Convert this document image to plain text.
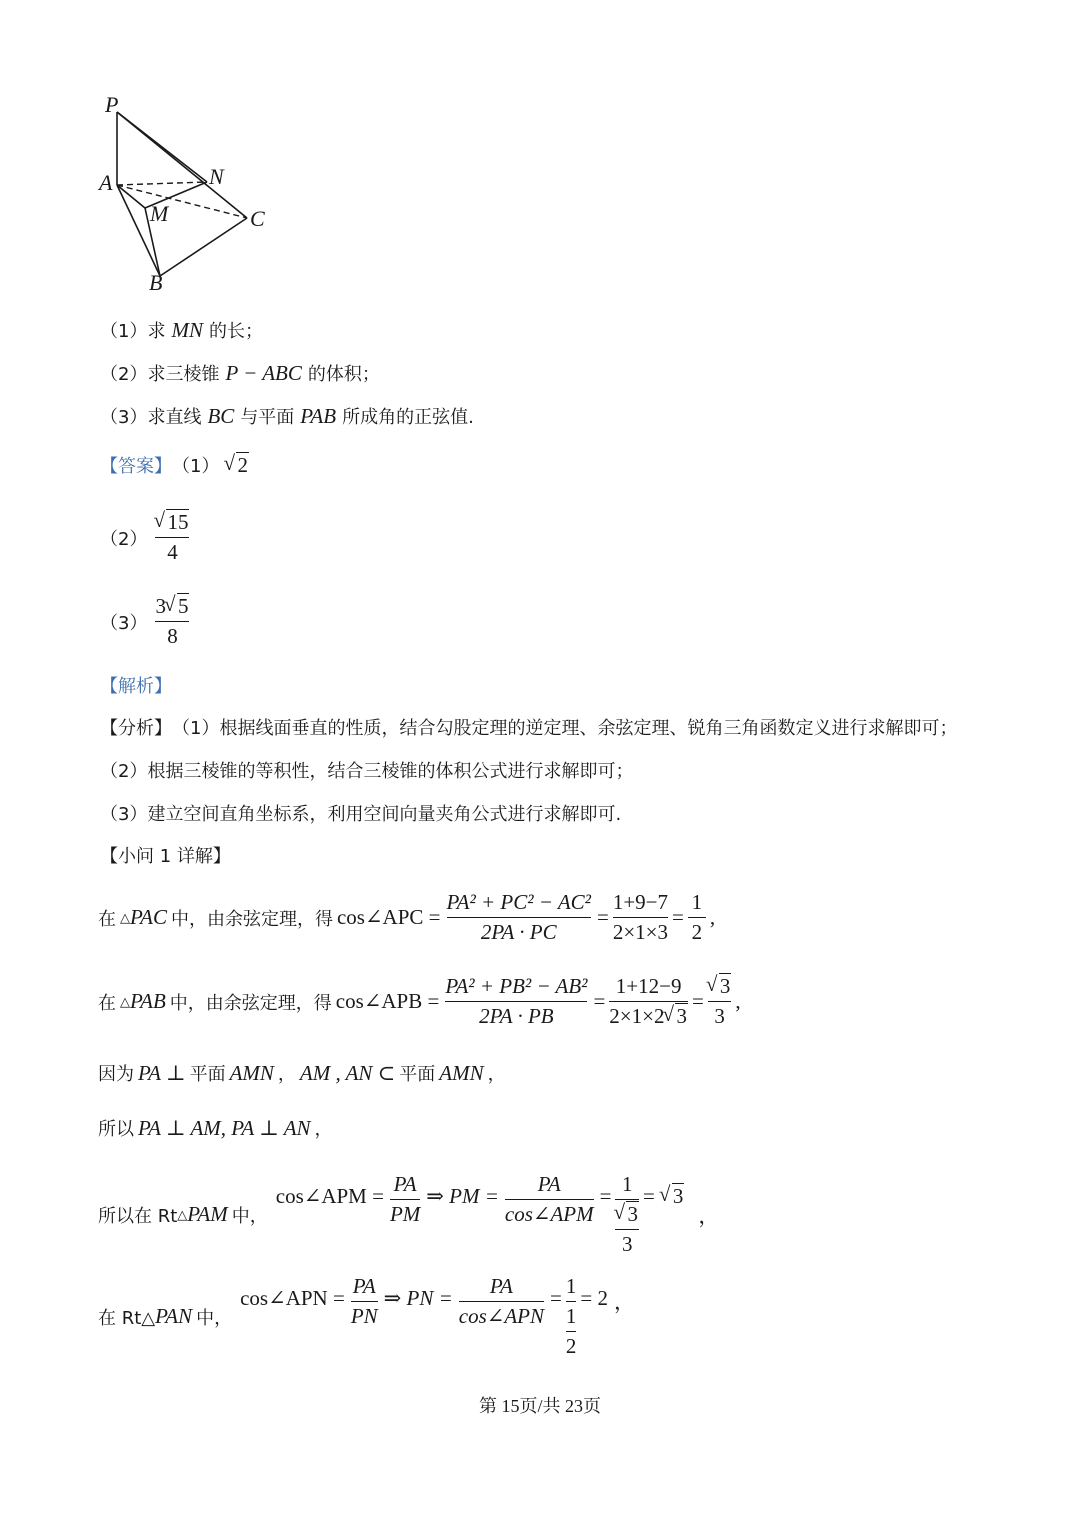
P
A	N
M	C
B
（1）求 MN 的长；
（2）求三棱锥 P − ABC 的体积；
（3）求直线 BC 与平面 PAB 所成角的正弦值.
【答案】 （1） √ 2
（2） √ $\frac{15}{4}$
$(3) \frac{3 √ 5}{8}$
【解析】
【分析】 （1）根据线面垂直的性质，结合勾股定理的逆定理、余弦定理、锐角三角函数定义进行求解即可；
（2）根据三棱锥的等积性，结合三棱锥的体积公式进行求解即可；
（3）建立空间直角坐标系，利用空间向量夹角公式进行求解即可.
【小问 1 详解】
在 △ PAC 中，由余弦定理，得 cos∠APC = $\frac{\text{PA² + PC² − AC²}}{2PA \cdot PC} = \frac{1+9-7}{2\times 1\times 3} = \frac{1}{2}$ ,
在 △ PAB 中，由余弦定理，得 cos∠APB = $\frac{\text{PA² + PB² − AB²}}{2PA \cdot PB} = \frac{1+12-9}{2\times 1\times 2 √ 3}$ = √ $\frac{3}{3}$ ,
因为 PA ⊥ 平面 AMN ， AM , AN ⊂ 平面 AMN ，
所以 PA ⊥ AM, PA ⊥ AN ，
所以在 Rt △ PAM 中，
cos∠APM = $\frac{PA}{PM}$ ⇒ PM = $\frac{PA}{\text{cos∠APM}} = 1$
√ $\frac{3}{3}$ = √ 3
，
在 Rt△ PAN 中，
cos∠APN = $\frac{PA}{PN}$ ⇒ PN = $\frac{PA}{\text{cos∠APN}} = \frac{1}{\frac{1}{2}} = 2$ ，
第 15页/共 23页
